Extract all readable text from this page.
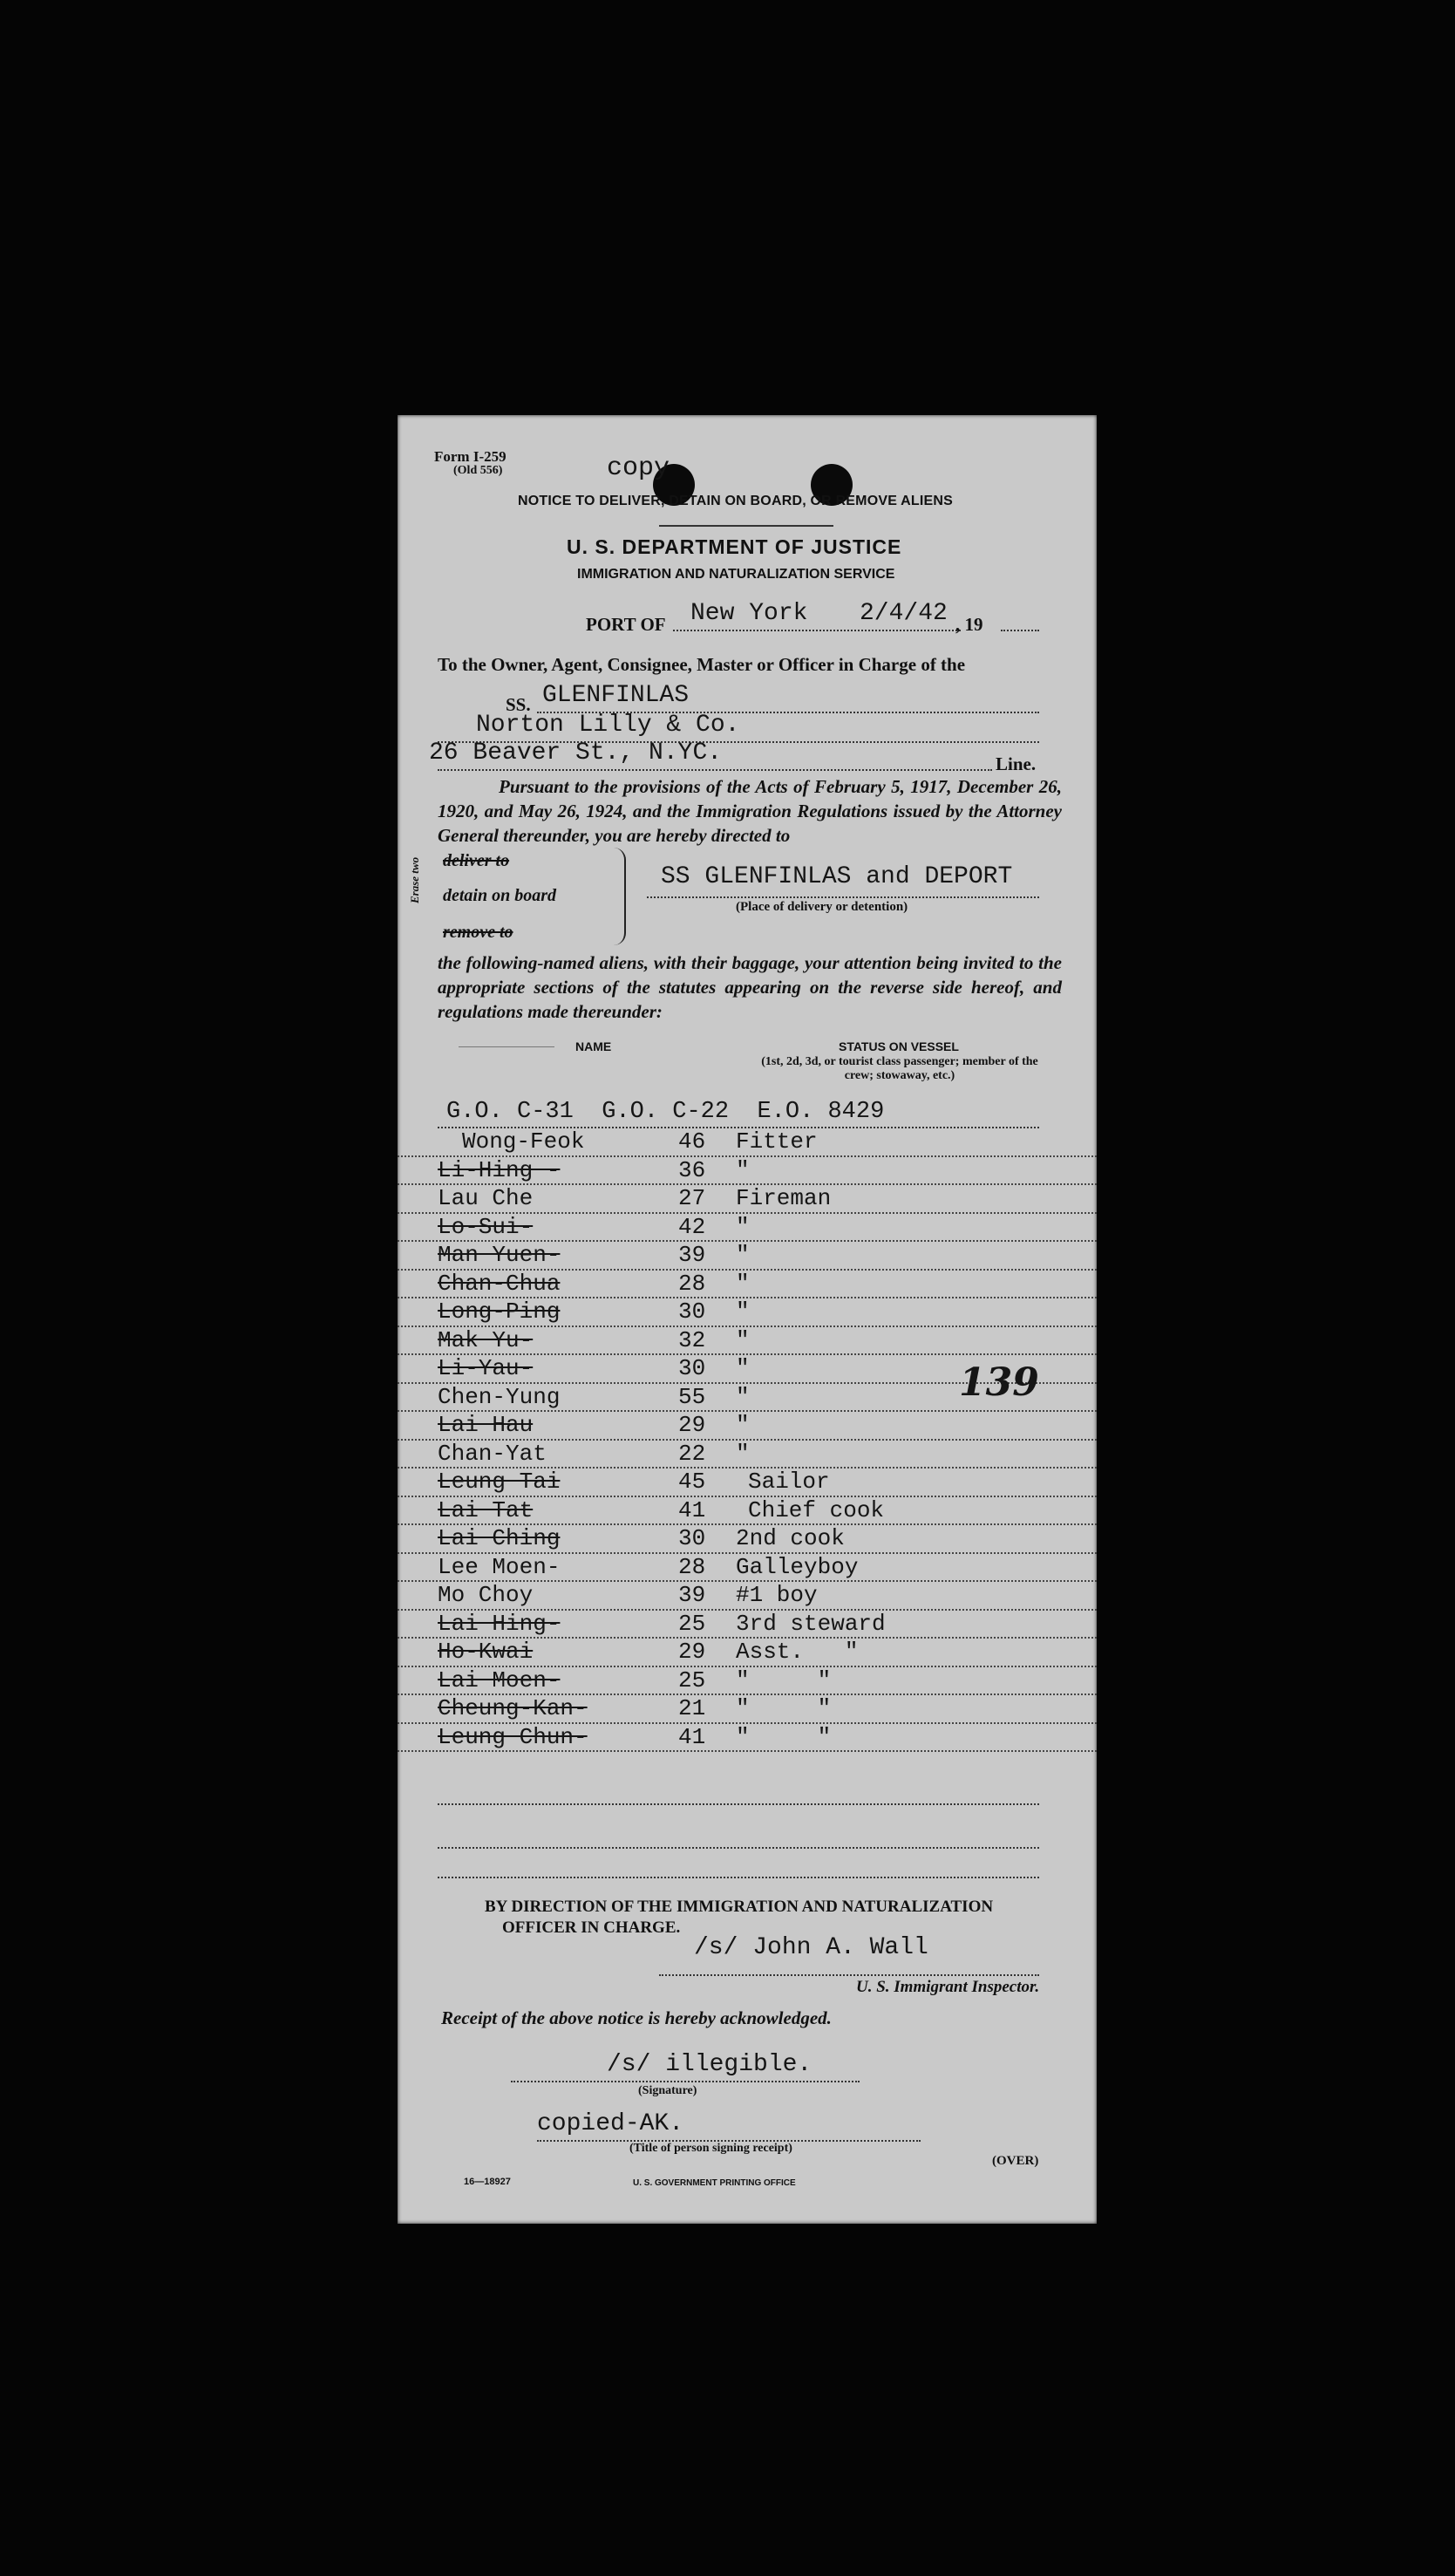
Form I-259
(Old 556)	copy
NOTICE TO DELIVER, DETAIN ON BOARD, OR REMOVE ALIENS
U. S. DEPARTMENT OF JUSTICE
IMMIGRATION AND NATURALIZATION SERVICE
PORT OF New York 2/4/42 , 19
To the Owner, Agent, Consignee, Master or Officer in Charge of the
SS. GLENFINLAS
Norton Lilly & Co.
26 Beaver St., N.YC.	Line.
Pursuant to the provisions of the Acts of February 5, 1917, December 26, 1920, and May 26, 1924, and the Immigration Regulations issued by the Attorney General thereunder, you are hereby directed to
Erase two deliver to
detain on board
remove to
SS GLENFINLAS and DEPORT
(Place of delivery or detention)
the following-named aliens, with their baggage, your attention being invited to the appropriate sections of the statutes appearing on the reverse side hereof, and regulations made thereunder:
NAME	STATUS ON VESSEL
(1st, 2d, 3d, or tourist class passenger; member of the crew; stowaway, etc.)
G.O. C-31  G.O. C-22  E.O. 8429
Wong-Feok	46 Fitter
Li-Hing -	36 "
Lau Che	27 Fireman
Lo-Sui-	42 "
Man Yuen-	39 "
Chan-Chua	28 "
Long-Ping	30 "
Mak Yu-	32 "
Li-Yau-	30 "
Chen-Yung	55 "
Lai Hau	29 "
Chan-Yat	22 "
Leung Tai	45 Sailor
Lai Tat	41 Chief cook
Lai Ching	30 2nd cook
Lee Moen-	28 Galleyboy
Mo Choy	39 #1 boy
Lai Hing-	25 3rd steward
Ho-Kwai	29 Asst.   "
Lai Moen-	25 "     "
Cheung-Kan-	21 "     "
Leung Chun-	41 "     "
139
BY DIRECTION OF THE IMMIGRATION AND NATURALIZATION
OFFICER IN CHARGE.
/s/ John A. Wall
U. S. Immigrant Inspector.
Receipt of the above notice is hereby acknowledged.
/s/ illegible.
(Signature)
copied-AK.
(Title of person signing receipt)
16—18927	U. S. GOVERNMENT PRINTING OFFICE
(OVER)
